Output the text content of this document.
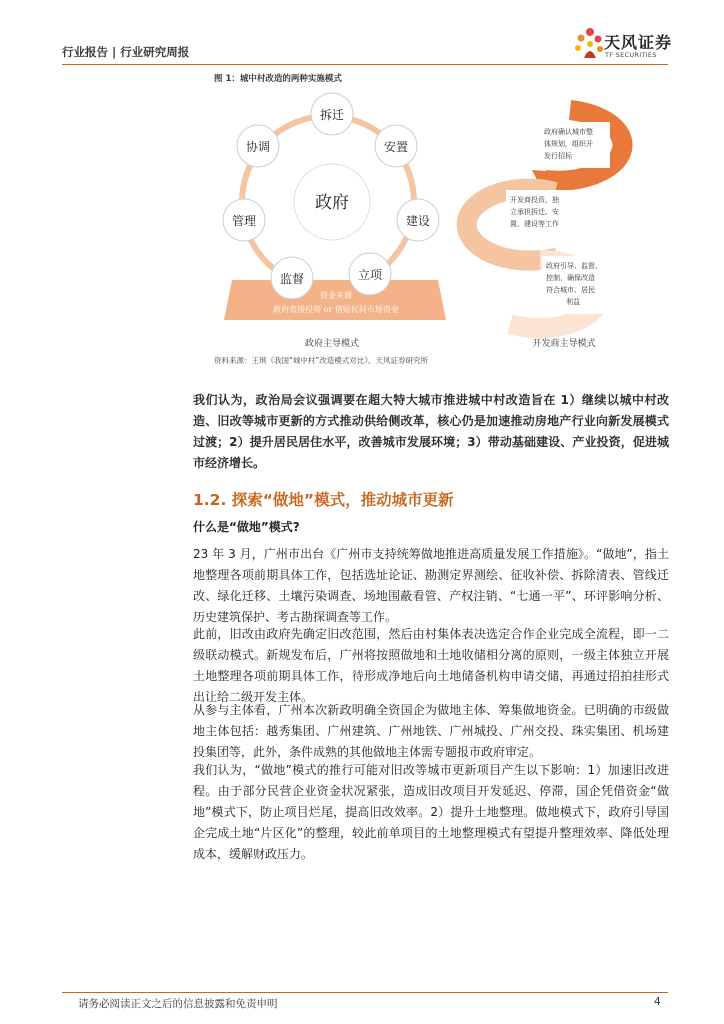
行业报告 | 行业研究周报	天风证券
TF SECURITIES
图 1：城中村改造的两种实施模式
资金来源
政府直接投资 or 借贴民间市场资金
政府
拆迁
安置
建设
立项
监督
管理
协调
政府主导模式
政府确认城市整 体规划，组织开 发行招标
开发商投资，独 立承担拆迁、安 置、建设等工作
政府引导、监督、 控制，确保改造 符合城市、居民 利益
开发商主导模式
资料来源：王琪《我国“城中村”改造模式对比》、天风证券研究所

我们认为，政治局会议强调要在超大特大城市推进城中村改造旨在 1）继续以城中村改造、旧改等城市更新的方式推动供给侧改革，核心仍是加速推动房地产行业向新发展模式过渡；2）提升居民居住水平，改善城市发展环境；3）带动基础建设、产业投资，促进城市经济增长。

1.2. 探索“做地”模式，推动城市更新
什么是“做地”模式?

23 年 3 月，广州市出台《广州市支持统筹做地推进高质量发展工作措施》。“做地”，指土地整理各项前期具体工作，包括选址论证、勘测定界测绘、征收补偿、拆除清表、管线迁改、绿化迁移、土壤污染调查、场地围蔽看管、产权注销、“七通一平”、环评影响分析、历史建筑保护、考古勘探调查等工作。

此前，旧改由政府先确定旧改范围，然后由村集体表决选定合作企业完成全流程，即一二级联动模式。新规发布后，广州将按照做地和土地收储相分离的原则，一级主体独立开展土地整理各项前期具体工作，待形成净地后向土地储备机构申请交储，再通过招拍挂形式出让给二级开发主体。

从参与主体看，广州本次新政明确全资国企为做地主体、筹集做地资金。已明确的市级做地主体包括：越秀集团、广州建筑、广州地铁、广州城投、广州交投、珠实集团、机场建投集团等，此外，条件成熟的其他做地主体需专题报市政府审定。

我们认为，“做地”模式的推行可能对旧改等城市更新项目产生以下影响：1）加速旧改进程。由于部分民营企业资金状况紧张，造成旧改项目开发延迟、停滞，国企凭借资金“做地”模式下，防止项目烂尾，提高旧改效率。2）提升土地整理。做地模式下，政府引导国企完成土地“片区化”的整理，较此前单项目的土地整理模式有望提升整理效率、降低处理成本，缓解财政压力。

请务必阅读正文之后的信息披露和免责申明	4
